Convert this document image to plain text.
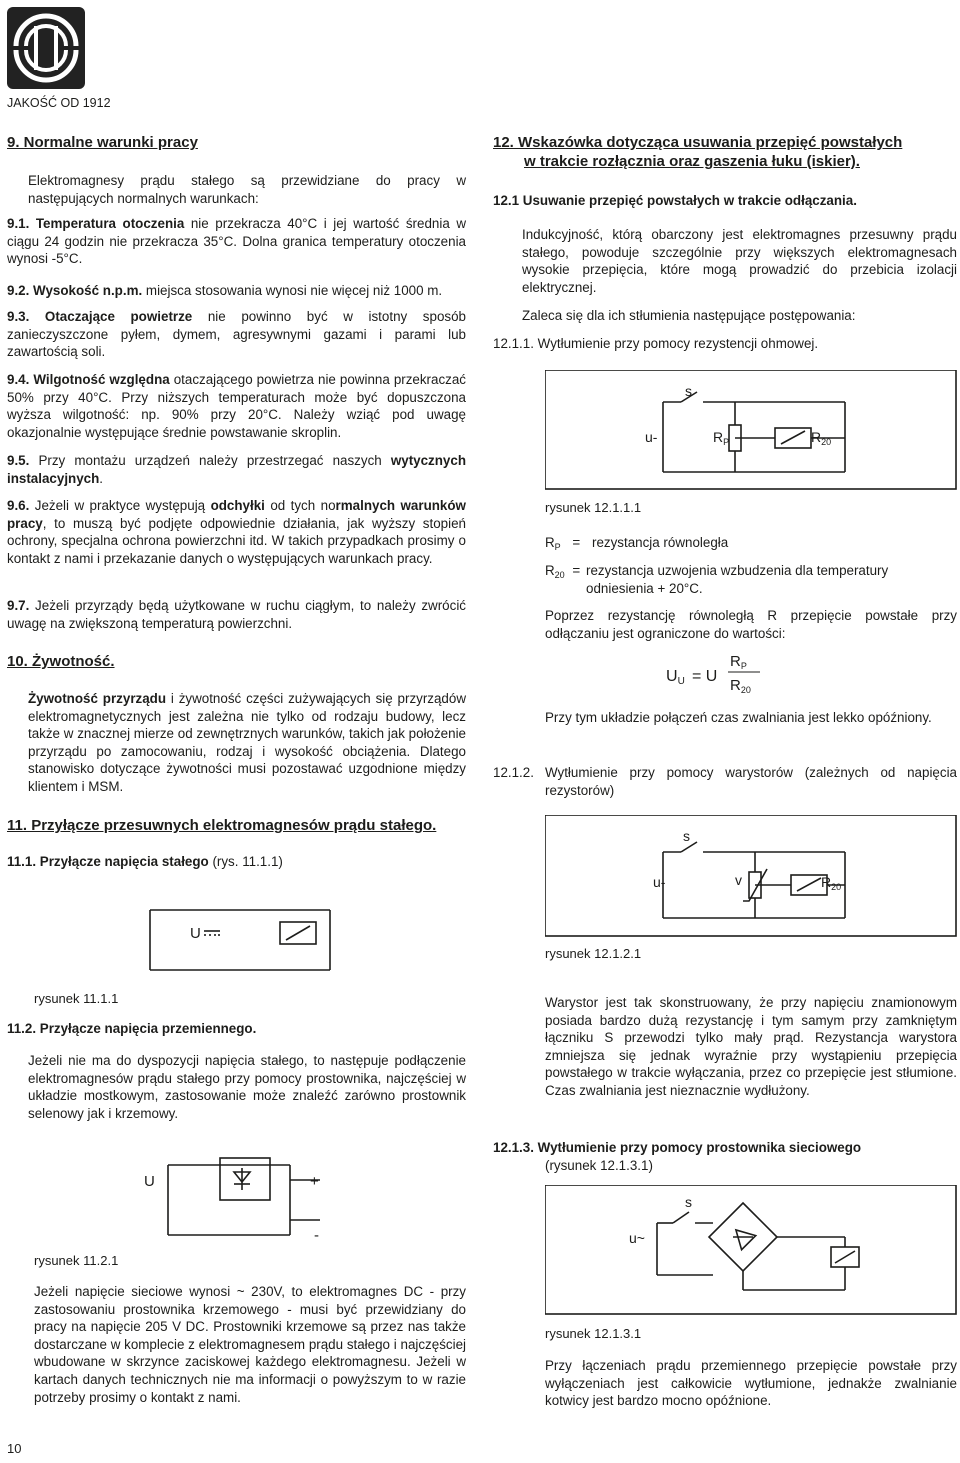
JAKOŚĆ OD 1912
9. Normalne warunki pracy

Elektromagnesy prądu stałego są przewidziane do pracy w następujących normalnych warunkach:

9.1. Temperatura otoczenia nie przekracza 40°C i jej wartość średnia w ciągu 24 godzin nie przekracza 35°C. Dolna granica temperatury otoczenia wynosi -5°C.

9.2. Wysokość n.p.m. miejsca stosowania wynosi nie więcej niż 1000 m.

9.3. Otaczające powietrze nie powinno być w istotny sposób zanieczyszczone pyłem, dymem, agresywnymi gazami i parami lub zawartością soli.

9.4. Wilgotność względna otaczającego powietrza nie powinna przekraczać 50% przy 40°C. Przy niższych temperaturach może być dopuszczona wyższa wilgotność: np. 90% przy 20°C. Należy wziąć pod uwagę okazjonalnie występujące średnie powstawanie skroplin.

9.5. Przy montażu urządzeń należy przestrzegać naszych wytycznych instalacyjnych.

9.6. Jeżeli w praktyce występują odchyłki od tych normalnych warunków pracy, to muszą być podjęte odpowiednie działania, jak wyższy stopień ochrony, specjalna ochrona powierzchni itd. W takich przypadkach prosimy o kontakt z nami i przekazanie danych o występujących warunkach pracy.

9.7. Jeżeli przyrządy będą użytkowane w ruchu ciągłym, to należy zwrócić uwagę na zwiększoną temperaturą powierzchni.

10. Żywotność.

Żywotność przyrządu i żywotność części zużywających się przyrządów elektromagnetycznych jest zależna nie tylko od rodzaju budowy, lecz także w znacznej mierze od zewnętrznych warunków, takich jak położenie przyrządu po zamocowaniu, rodzaj i wysokość obciążenia. Dlatego stanowisko dotyczące żywotności musi pozostawać uzgodnione między klientem i MSM.

11. Przyłącze przesuwnych elektromagnesów prądu stałego.

11.1. Przyłącze napięcia stałego (rys. 11.1.1)

U
rysunek 11.1.1

11.2. Przyłącze napięcia przemiennego.

Jeżeli nie ma do dyspozycji napięcia stałego, to następuje podłączenie elektromagnesów prądu stałego przy pomocy prostownika, najczęściej w układzie mostkowym, zastosowanie może znaleźć zarówno prostownik selenowy jak i krzemowy.

U	+
-
rysunek 11.2.1

Jeżeli napięcie sieciowe wynosi ~ 230V, to elektromagnes DC - przy zastosowaniu prostownika krzemowego - musi być przewidziany do pracy na napięcie 205 V DC. Prostowniki krzemowe są przez nas także dostarczane w komplecie z elektromagnesem prądu stałego i najczęściej wbudowane w skrzynce zaciskowej każdego elektromagnesu. Jeżeli w kartach danych technicznych nie ma informacji o powyższym to w razie potrzeby prosimy o kontakt z nami.

12. Wskazówka dotycząca usuwania przepięć powstałych
w trakcie rozłącznia oraz gaszenia łuku (iskier).

12.1 Usuwanie przepięć powstałych w trakcie odłączania.

Indukcyjność, którą obarczony jest elektromagnes przesuwny prądu stałego, powoduje szczególnie przy większych elektromagnesach wysokie przepięcia, które mogą prowadzić do przebicia izolacji elektrycznej.

Zaleca się dla ich stłumienia następujące postępowania:

12.1.1. Wytłumienie przy pomocy rezystencji ohmowej.

s
u-	$R_P$	$R_{20}$
rysunek 12.1.1.1
$R_P$ = rezystancja równoległa
$R_{20}$ = rezystancja uzwojenia wzbudzenia dla temperatury odniesienia + 20°C.

Poprzez rezystancję równoległą R przepięcie powstałe przy odłączaniu jest ograniczone do wartości:

UU = U
$R_P$
$R_{20}$

Przy tym układzie połączeń czas zwalniania jest lekko opóźniony.

12.1.2. Wytłumienie przy pomocy warystorów (zależnych od napięcia rezystorów)

s
u-	v	$R_{20}$
rysunek 12.1.2.1

Warystor jest tak skonstruowany, że przy napięciu znamionowym posiada bardzo dużą rezystancję i tym samym przy zamkniętym łączniku S przewodzi tylko mały prąd. Rezystancja warystora zmniejsza się jednak wyraźnie przy wystąpieniu przepięcia powstałego w trakcie wyłączania, przez co przepięcie jest stłumione. Czas zwalniania jest nieznacznie wydłużony.

12.1.3. Wytłumienie przy pomocy prostownika sieciowego

(rysunek 12.1.3.1)

s
u~
rysunek 12.1.3.1

Przy łączeniach prądu przemiennego przepięcie powstałe przy wyłączeniach jest całkowicie wytłumione, jednakże zwalnianie kotwicy jest bardzo mocno opóźnione.

10
